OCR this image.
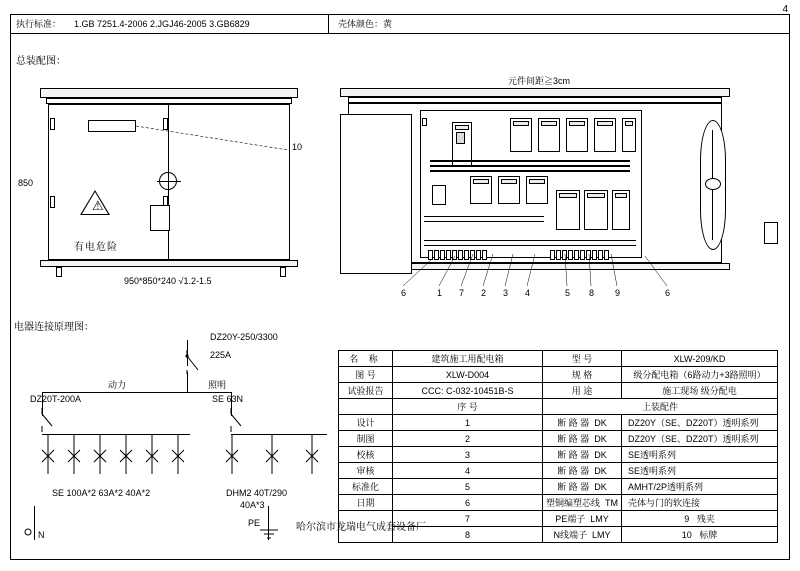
4
执行标准：	1.GB 7251.4-2006 2.JGJ46-2005 3.GB6829	壳体颜色：黄
总装配图：
电器连接原理图：
⚠
有电危险
850
950*850*240 √1.2-1.5
10
元件间距≧3cm
6	1 7 2 3 4	5 8 9	6
DZ20Y-250/3300
225A
动力	照明
DZ20T-200A	SE 63N
SE 100A*2 63A*2 40A*2	DHM2 40T/290
40A*3
N
PE
名 称	建筑施工用配电箱	型 号	XLW-209/KD
图 号	XLW-D004	规 格	级分配电箱（6路动力+3路照明）
试验报告	CCC: C-032-10451B-S	用 途	施工现场 级分配电
	序 号	上装配件	
设计	1	断 路 器 DK	DZ20Y（SE、DZ20T）透明系列
制图	2	断 路 器 DK	DZ20Y（SE、DZ20T）透明系列
校核	3	断 路 器 DK	SE透明系列
审核	4	断 路 器 DK	SE透明系列
标准化	5	断 路 器 DK	AMHT/2P透明系列
日期	6	塑铜编塑芯线 TM	壳体与门的软连接
	7	PE端子 LMY	9 残夹
	8	N线端子 LMY	10 标牌
哈尔滨市龙瑞电气成套设备厂
